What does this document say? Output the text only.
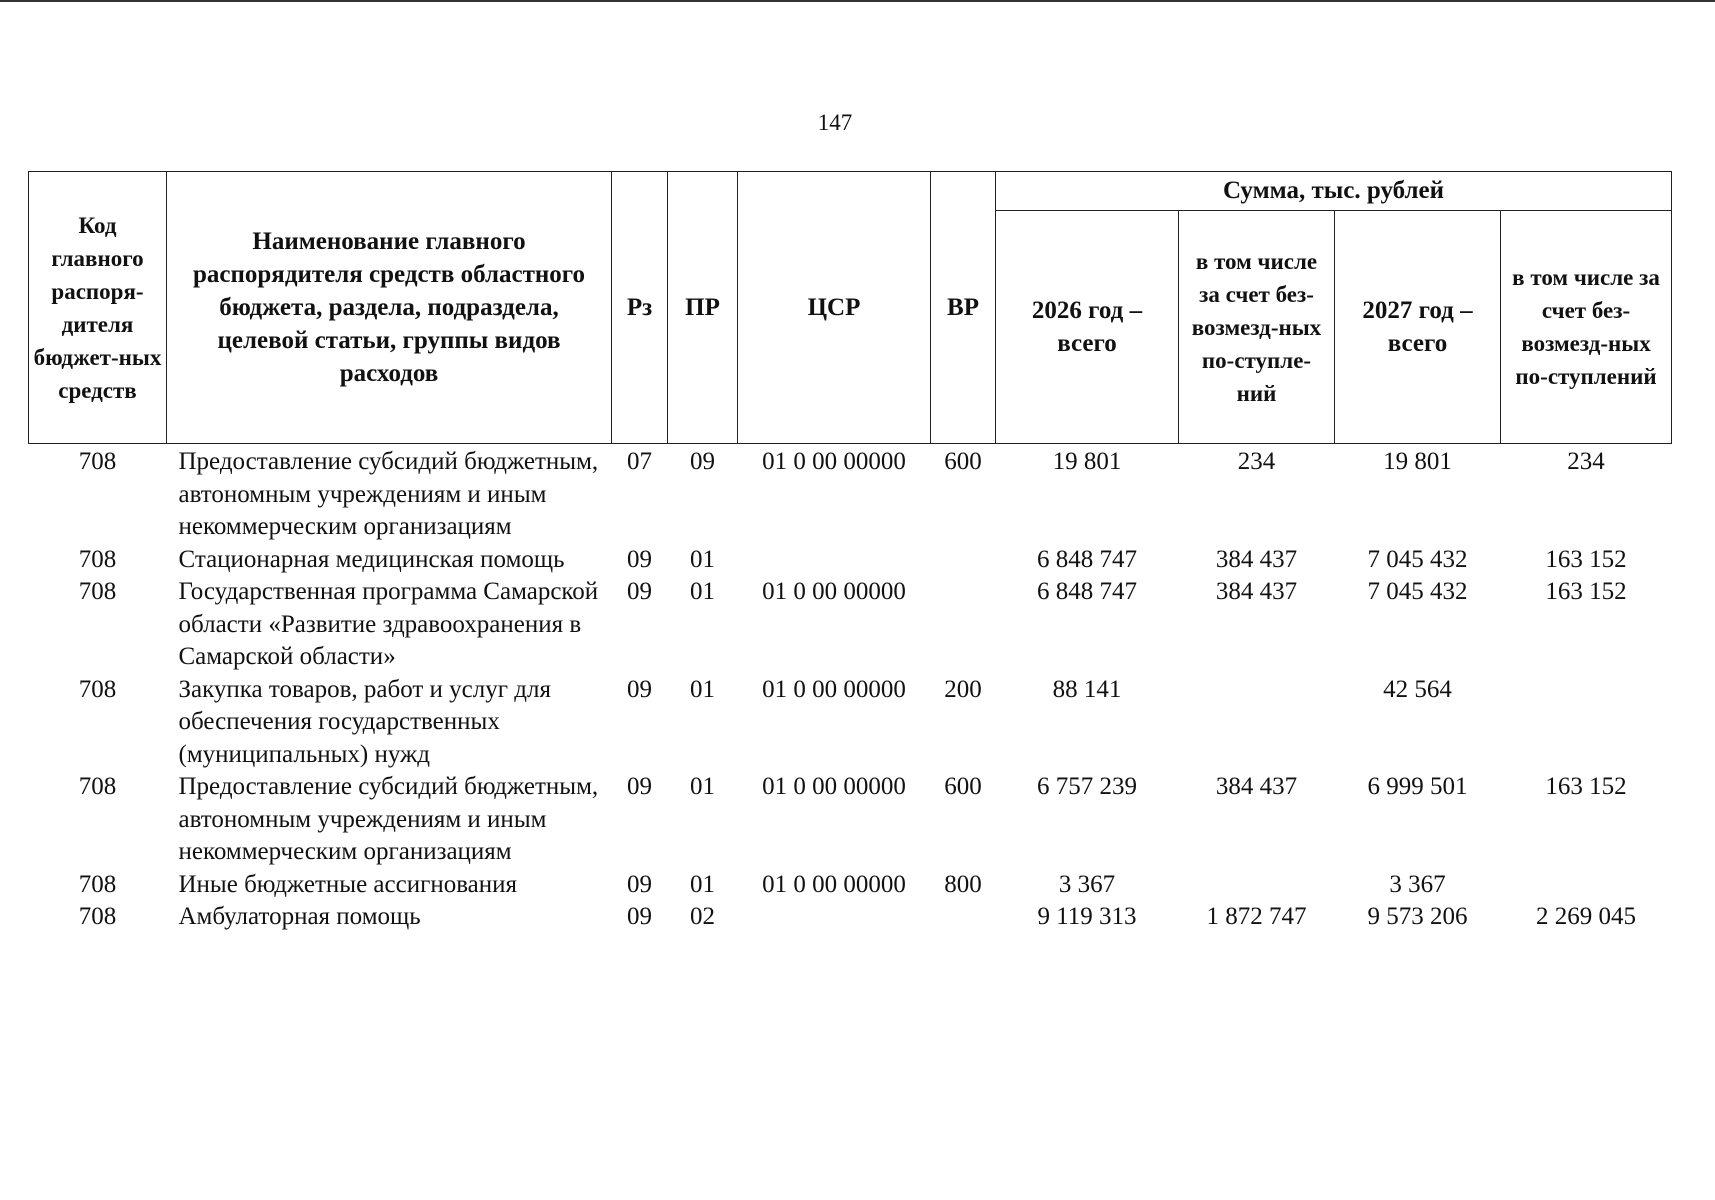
147
Код главного распоря-дителя бюджет-ных средств	Наименование главного распорядителя средств областного бюджета, раздела, подраздела, целевой статьи, группы видов расходов	Рз	ПР	ЦСР	ВР	Сумма, тыс. рублей			
						2026 год – всего	в том числе за счет без-возмезд-ных по-ступле-ний	2027 год – всего	в том числе за счет без-возмезд-ных по-ступлений
708	Предоставление субсидий бюджетным, автономным учреждениям и иным некоммерческим организациям	07	09	01 0 00 00000	600	19 801	234	19 801	234
708	Стационарная медицинская помощь	09	01			6 848 747	384 437	7 045 432	163 152
708	Государственная программа Самарской области «Развитие здравоохранения в Самарской области»	09	01	01 0 00 00000		6 848 747	384 437	7 045 432	163 152
708	Закупка товаров, работ и услуг для обеспечения государственных (муниципальных) нужд	09	01	01 0 00 00000	200	88 141		42 564	
708	Предоставление субсидий бюджетным, автономным учреждениям и иным некоммерческим организациям	09	01	01 0 00 00000	600	6 757 239	384 437	6 999 501	163 152
708	Иные бюджетные ассигнования	09	01	01 0 00 00000	800	3 367		3 367	
708	Амбулаторная помощь	09	02			9 119 313	1 872 747	9 573 206	2 269 045
